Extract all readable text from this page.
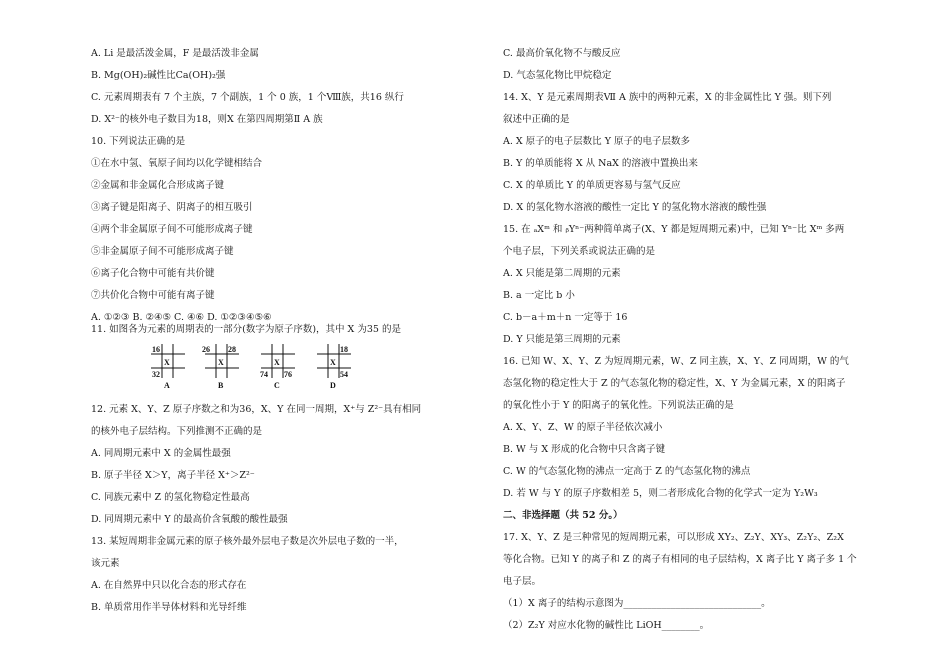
A. Li 是最活泼金属，F 是最活泼非金属
B. Mg(OH)₂碱性比Ca(OH)₂强
C. 元素周期表有 7 个主族，7 个副族，1 个 0 族，1 个Ⅷ族，共16 纵行
D. X²⁻的核外电子数目为18，则X 在第四周期第Ⅱ A 族
10. 下列说法正确的是
①在水中氢、氧原子间均以化学键相结合
②金属和非金属化合形成离子键
③离子键是阳离子、阴离子的相互吸引
④两个非金属原子间不可能形成离子键
⑤非金属原子间不可能形成离子键
⑥离子化合物中可能有共价键
⑦共价化合物中可能有离子键
A. ①②③ B. ②④⑤ C. ④⑥ D. ①②③④⑤⑥
11. 如图各为元素的周期表的一部分(数字为原子序数)，其中 X 为35 的是
16
X
32
A
26 28
X
B
X
74 76
C
18
X
54
D
12. 元素 X、Y、Z 原子序数之和为36，X、Y 在同一周期，X⁺与 Z²⁻具有相同
的核外电子层结构。下列推测不正确的是
A. 同周期元素中 X 的金属性最强
B. 原子半径 X＞Y，离子半径 X⁺＞Z²⁻
C. 同族元素中 Z 的氢化物稳定性最高
D. 同周期元素中 Y 的最高价含氧酸的酸性最强
13. 某短周期非金属元素的原子核外最外层电子数是次外层电子数的一半，
该元素
A. 在自然界中只以化合态的形式存在
B. 单质常用作半导体材料和光导纤维
C. 最高价氧化物不与酸反应
D. 气态氢化物比甲烷稳定
14. X、Y 是元素周期表Ⅶ A 族中的两种元素，X 的非金属性比 Y 强。则下列
叙述中正确的是
A. X 原子的电子层数比 Y 原子的电子层数多
B. Y 的单质能将 X 从 NaX 的溶液中置换出来
C. X 的单质比 Y 的单质更容易与氢气反应
D. X 的氢化物水溶液的酸性一定比 Y 的氢化物水溶液的酸性强
15. 在 ₐXᵐ 和 ᵦYⁿ⁻两种简单离子(X、Y 都是短周期元素)中，已知 Yⁿ⁻比 Xᵐ 多两
个电子层，下列关系或说法正确的是
A. X 只能是第二周期的元素
B. a 一定比 b 小
C. b－a＋m＋n 一定等于 16
D. Y 只能是第三周期的元素
16. 已知 W、X、Y、Z 为短周期元素，W、Z 同主族，X、Y、Z 同周期，W 的气
态氢化物的稳定性大于 Z 的气态氢化物的稳定性，X、Y 为金属元素，X 的阳离子
的氧化性小于 Y 的阳离子的氧化性。下列说法正确的是
A. X、Y、Z、W 的原子半径依次减小
B. W 与 X 形成的化合物中只含离子键
C. W 的气态氢化物的沸点一定高于 Z 的气态氢化物的沸点
D. 若 W 与 Y 的原子序数相差 5，则二者形成化合物的化学式一定为 Y₂W₃
二、非选择题（共 52 分。）
17. X、Y、Z 是三种常见的短周期元素，可以形成 XY₂、Z₂Y、XY₃、Z₂Y₂、Z₂X
等化合物。已知 Y 的离子和 Z 的离子有相同的电子层结构，X 离子比 Y 离子多 1 个
电子层。
（1）X 离子的结构示意图为_____________________________。
（2）Z₂Y 对应水化物的碱性比 LiOH________。
